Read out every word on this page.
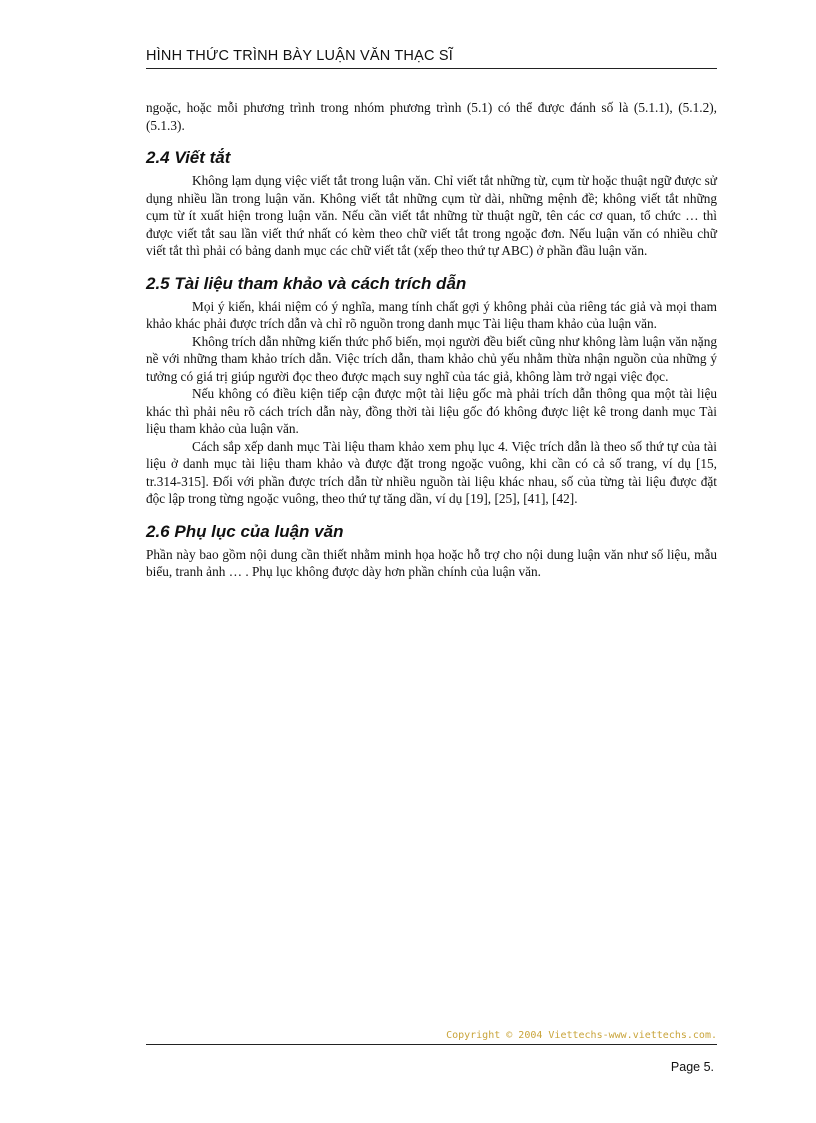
HÌNH THỨC TRÌNH BÀY LUẬN VĂN THẠC SĨ

ngoặc, hoặc mỗi phương trình trong nhóm phương trình (5.1) có thể được đánh số là (5.1.1), (5.1.2), (5.1.3).

2.4 Viết tắt

Không lạm dụng việc viết tắt trong luận văn. Chỉ viết tắt những từ, cụm từ hoặc thuật ngữ được sử dụng nhiều lần trong luận văn. Không viết tắt những cụm từ dài, những mệnh đề; không viết tắt những cụm từ ít xuất hiện trong luận văn. Nếu cần viết tắt những từ thuật ngữ, tên các cơ quan, tổ chức … thì được viết tắt sau lần viết thứ nhất có kèm theo chữ viết tắt trong ngoặc đơn. Nếu luận văn có nhiều chữ viết tắt thì phải có bảng danh mục các chữ viết tắt (xếp theo thứ tự ABC) ở phần đầu luận văn.

2.5 Tài liệu tham khảo và cách trích dẫn

Mọi ý kiến, khái niệm có ý nghĩa, mang tính chất gợi ý không phải của riêng tác giả và mọi tham khảo khác phải được trích dẫn và chỉ rõ nguồn trong danh mục Tài liệu tham khảo của luận văn.

Không trích dẫn những kiến thức phổ biến, mọi người đều biết cũng như không làm luận văn nặng nề với những tham khảo trích dẫn. Việc trích dẫn, tham khảo chủ yếu nhằm thừa nhận nguồn của những ý tưởng có giá trị giúp người đọc theo được mạch suy nghĩ của tác giả, không làm trở ngại việc đọc.

Nếu không có điều kiện tiếp cận được một tài liệu gốc mà phải trích dẫn thông qua một tài liệu khác thì phải nêu rõ cách trích dẫn này, đồng thời tài liệu gốc đó không được liệt kê trong danh mục Tài liệu tham khảo của luận văn.

Cách sắp xếp danh mục Tài liệu tham khảo xem phụ lục 4. Việc trích dẫn là theo số thứ tự của tài liệu ở danh mục tài liệu tham khảo và được đặt trong ngoặc vuông, khi cần có cả số trang, ví dụ [15, tr.314-315]. Đối với phần được trích dẫn từ nhiều nguồn tài liệu khác nhau, số của từng tài liệu được đặt độc lập trong từng ngoặc vuông, theo thứ tự tăng dần, ví dụ [19], [25], [41], [42].

2.6 Phụ lục của luận văn

Phần này bao gồm nội dung cần thiết nhằm minh họa hoặc hỗ trợ cho nội dung luận văn như số liệu, mẫu biểu, tranh ảnh … . Phụ lục không được dày hơn phần chính của luận văn.

Copyright © 2004 Viettechs-www.viettechs.com.
Page 5.
